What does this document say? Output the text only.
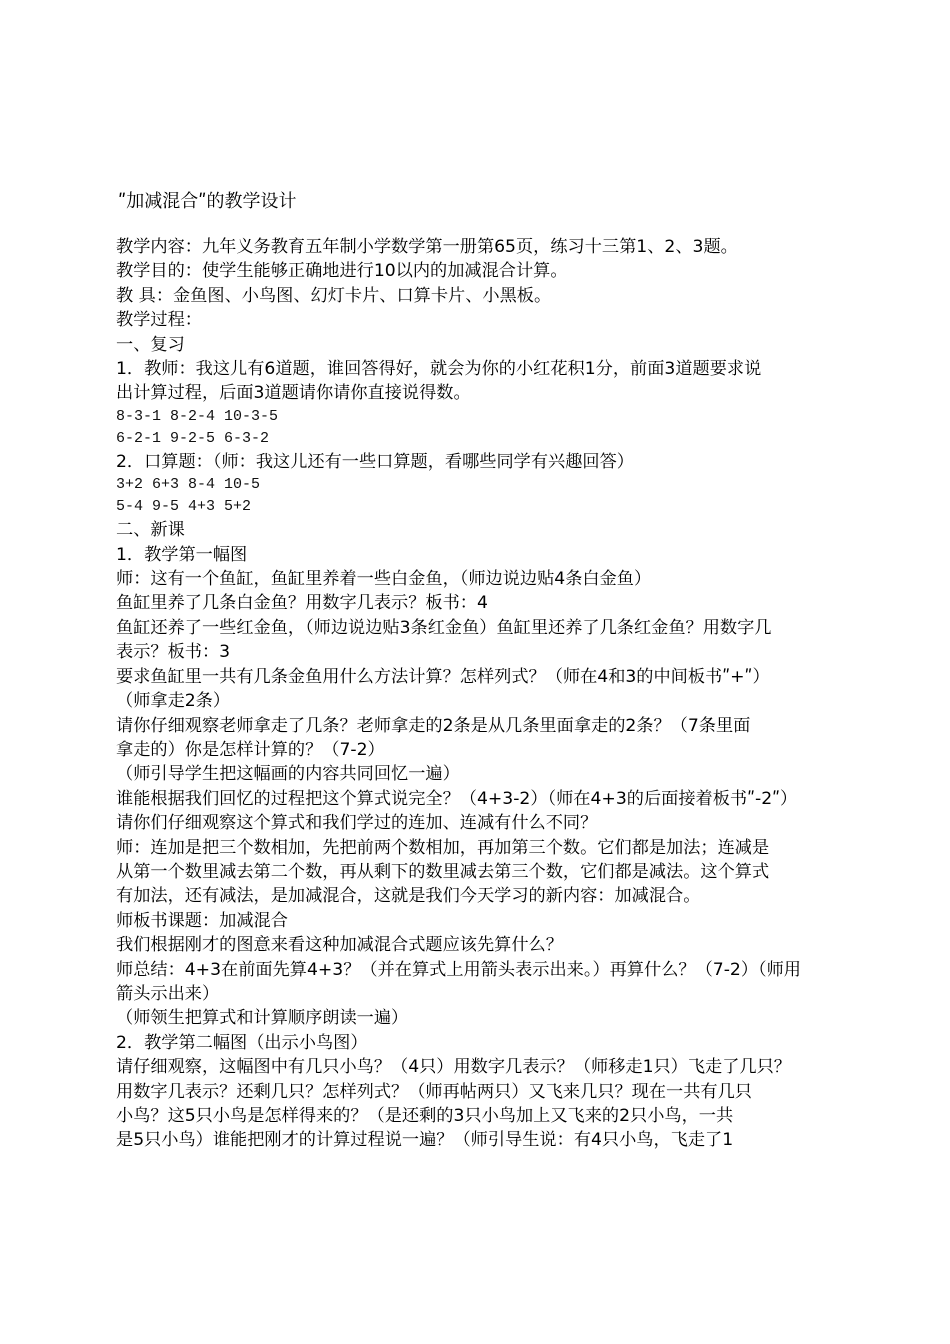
ʺ加减混合ʺ的教学设计
教学内容：九年义务教育五年制小学数学第一册第65页，练习十三第1、2、3题。
教学目的：使学生能够正确地进行10以内的加减混合计算。
教 具：金鱼图、小鸟图、幻灯卡片、口算卡片、小黑板。
教学过程：
一、复习
1．教师：我这儿有6道题，谁回答得好，就会为你的小红花积1分，前面3道题要求说
出计算过程，后面3道题请你请你直接说得数。
8-3-1 8-2-4 10-3-5
6-2-1 9-2-5 6-3-2
2．口算题：（师：我这儿还有一些口算题，看哪些同学有兴趣回答）
3+2 6+3 8-4 10-5
5-4 9-5 4+3 5+2
二、新课
1．教学第一幅图
师：这有一个鱼缸，鱼缸里养着一些白金鱼，（师边说边贴4条白金鱼）
鱼缸里养了几条白金鱼？用数字几表示？板书：4
鱼缸还养了一些红金鱼，（师边说边贴3条红金鱼）鱼缸里还养了几条红金鱼？用数字几
表示？板书：3
要求鱼缸里一共有几条金鱼用什么方法计算？怎样列式？（师在4和3的中间板书ʺ+ʺ）
（师拿走2条）
请你仔细观察老师拿走了几条？老师拿走的2条是从几条里面拿走的2条？（7条里面
拿走的）你是怎样计算的？（7-2）
（师引导学生把这幅画的内容共同回忆一遍）
谁能根据我们回忆的过程把这个算式说完全？（4+3-2）（师在4+3的后面接着板书ʺ-2ʺ）
请你们仔细观察这个算式和我们学过的连加、连减有什么不同？
师：连加是把三个数相加，先把前两个数相加，再加第三个数。它们都是加法；连减是
从第一个数里减去第二个数，再从剩下的数里减去第三个数，它们都是减法。这个算式
有加法，还有减法，是加减混合，这就是我们今天学习的新内容：加减混合。
师板书课题：加减混合
我们根据刚才的图意来看这种加减混合式题应该先算什么？
师总结：4+3在前面先算4+3？（并在算式上用箭头表示出来。）再算什么？（7-2）（师用
箭头示出来）
（师领生把算式和计算顺序朗读一遍）
2．教学第二幅图（出示小鸟图）
请仔细观察，这幅图中有几只小鸟？（4只）用数字几表示？（师移走1只）飞走了几只？
用数字几表示？还剩几只？怎样列式？（师再帖两只）又飞来几只？现在一共有几只
小鸟？这5只小鸟是怎样得来的？（是还剩的3只小鸟加上又飞来的2只小鸟，一共
是5只小鸟）谁能把刚才的计算过程说一遍？（师引导生说：有4只小鸟，飞走了1
